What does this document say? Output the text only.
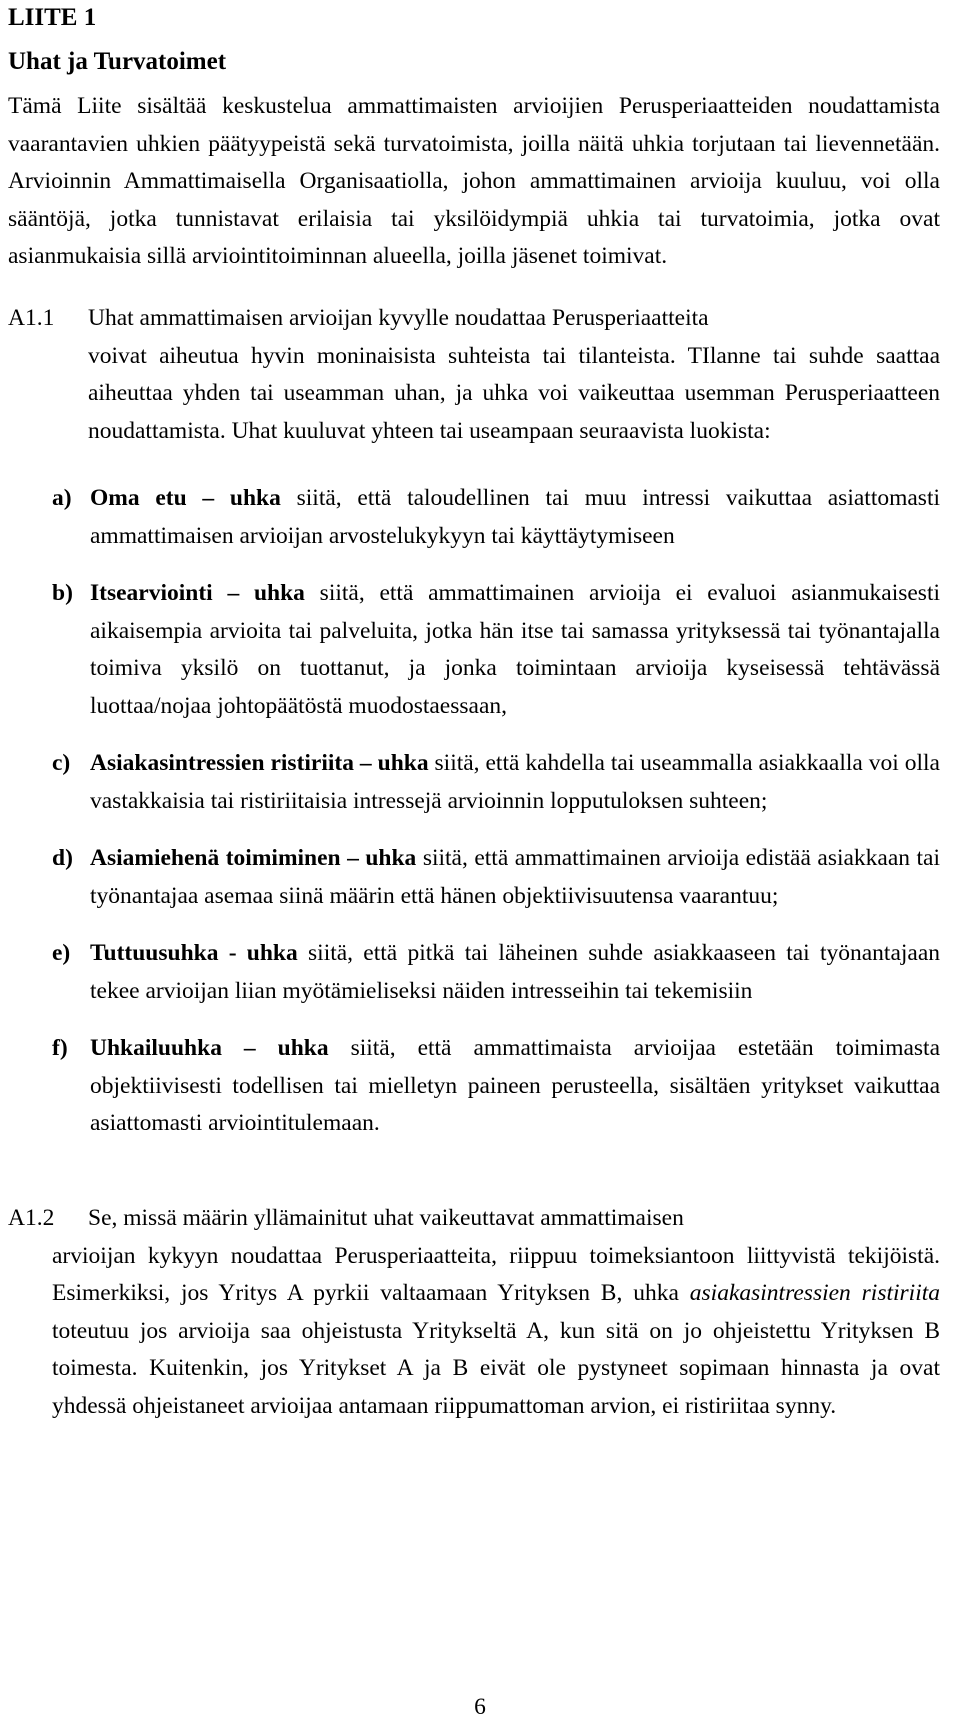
LIITE 1
Uhat ja Turvatoimet

Tämä Liite sisältää keskustelua ammattimaisten arvioijien Perusperiaatteiden noudattamista vaarantavien uhkien päätyypeistä sekä turvatoimista, joilla näitä uhkia torjutaan tai lievennetään. Arvioinnin Ammattimaisella Organisaatiolla, johon ammattimainen arvioija kuuluu, voi olla sääntöjä, jotka tunnistavat erilaisia tai yksilöidympiä uhkia tai turvatoimia, jotka ovat asianmukaisia sillä arviointitoiminnan alueella, joilla jäsenet toimivat.

A1.1 Uhat ammattimaisen arvioijan kyvylle noudattaa Perusperiaatteita
voivat aiheutua hyvin moninaisista suhteista tai tilanteista. TIlanne tai suhde saattaa aiheuttaa yhden tai useamman uhan, ja uhka voi vaikeuttaa usemman Perusperiaatteen noudattamista. Uhat kuuluvat yhteen tai useampaan seuraavista luokista:
a) Oma etu – uhka siitä, että taloudellinen tai muu intressi vaikuttaa asiattomasti ammattimaisen arvioijan arvostelukykyyn tai käyttäytymiseen
b) Itsearviointi – uhka siitä, että ammattimainen arvioija ei evaluoi asianmukaisesti aikaisempia arvioita tai palveluita, jotka hän itse tai samassa yrityksessä tai työnantajalla toimiva yksilö on tuottanut, ja jonka toimintaan arvioija kyseisessä tehtävässä luottaa/nojaa johtopäätöstä muodostaessaan,
c) Asiakasintressien ristiriita – uhka siitä, että kahdella tai useammalla asiakkaalla voi olla vastakkaisia tai ristiriitaisia intressejä arvioinnin lopputuloksen suhteen;
d) Asiamiehenä toimiminen – uhka siitä, että ammattimainen arvioija edistää asiakkaan tai työnantajaa asemaa siinä määrin että hänen objektiivisuutensa vaarantuu;
e) Tuttuusuhka - uhka siitä, että pitkä tai läheinen suhde asiakkaaseen tai työnantajaan tekee arvioijan liian myötämieliseksi näiden intresseihin tai tekemisiin
f) Uhkailuuhka – uhka siitä, että ammattimaista arvioijaa estetään toimimasta objektiivisesti todellisen tai mielletyn paineen perusteella, sisältäen yritykset vaikuttaa asiattomasti arviointitulemaan.
A1.2 Se, missä määrin yllämainitut uhat vaikeuttavat ammattimaisen
arvioijan kykyyn noudattaa Perusperiaatteita, riippuu toimeksiantoon liittyvistä tekijöistä. Esimerkiksi, jos Yritys A pyrkii valtaamaan Yrityksen B, uhka asiakasintressien ristiriita toteutuu jos arvioija saa ohjeistusta Yritykseltä A, kun sitä on jo ohjeistettu Yrityksen B toimesta. Kuitenkin, jos Yritykset A ja B eivät ole pystyneet sopimaan hinnasta ja ovat yhdessä ohjeistaneet arvioijaa antamaan riippumattoman arvion, ei ristiriitaa synny.
6
